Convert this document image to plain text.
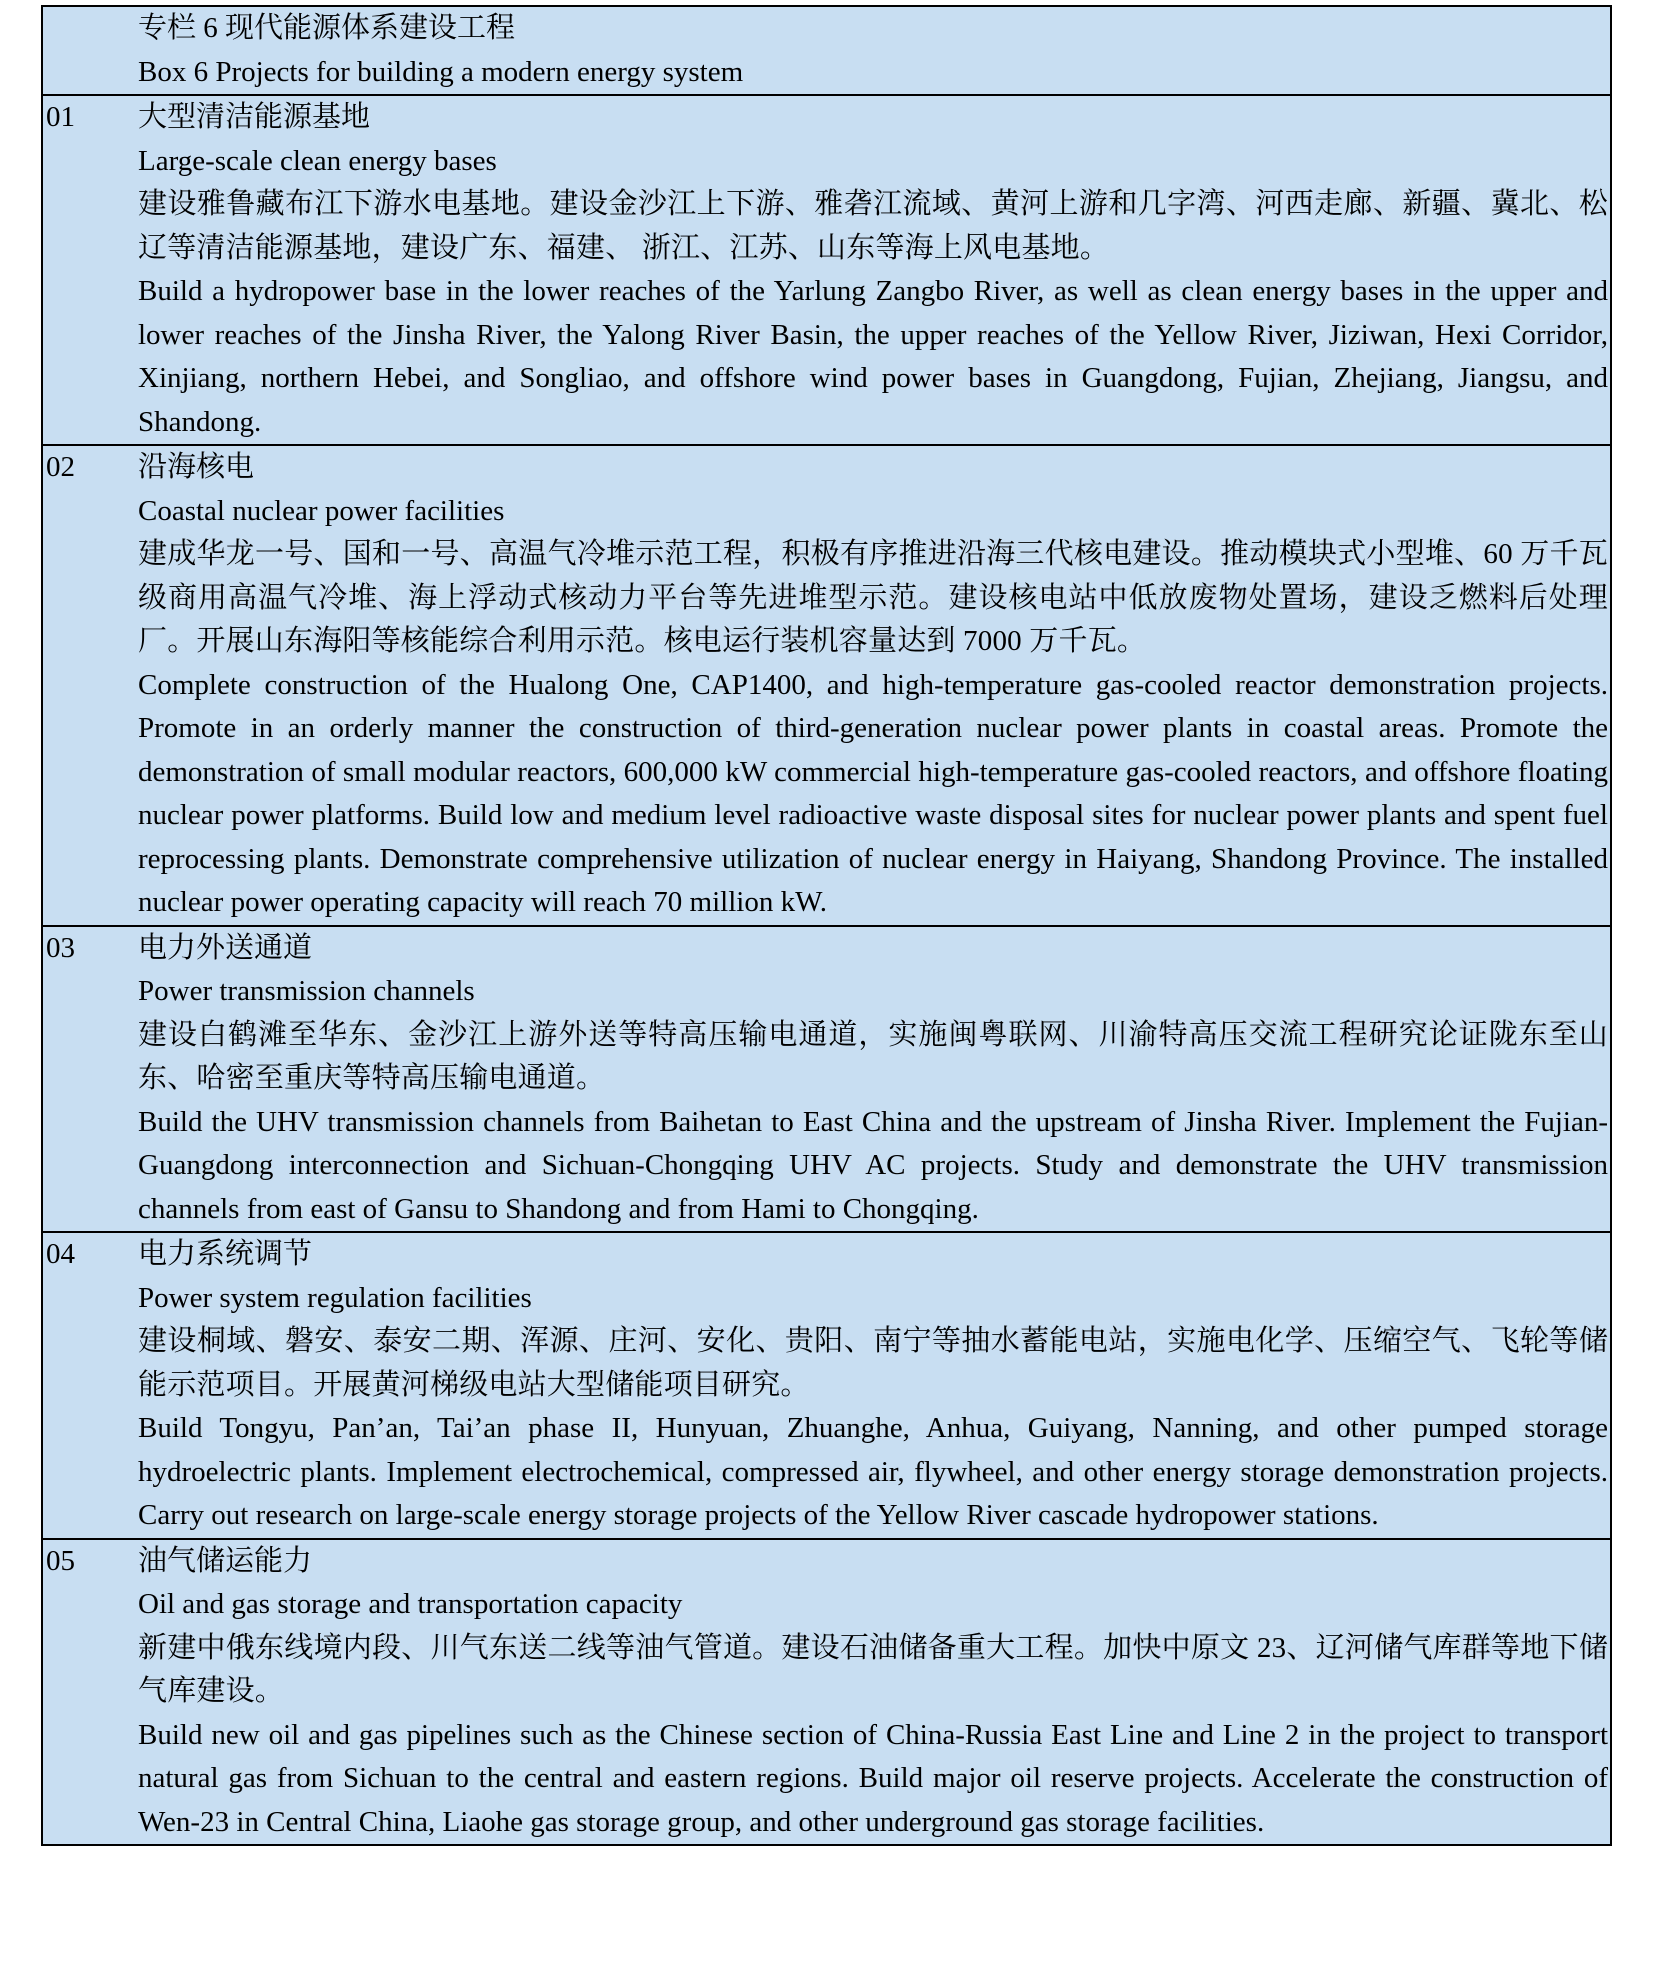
专栏 6 现代能源体系建设工程
Box 6 Projects for building a modern energy system
01	大型清洁能源基地
Large-scale clean energy bases

建设雅鲁藏布江下游水电基地。建设金沙江上下游、雅砻江流域、黄河上游和几字湾、河西走廊、新疆、冀北、松辽等清洁能源基地，建设广东、福建、 浙江、江苏、山东等海上风电基地。

Build a hydropower base in the lower reaches of the Yarlung Zangbo River, as well as clean energy bases in the upper and lower reaches of the Jinsha River, the Yalong River Basin, the upper reaches of the Yellow River, Jiziwan, Hexi Corridor, Xinjiang, northern Hebei, and Songliao, and offshore wind power bases in Guangdong, Fujian, Zhejiang, Jiangsu, and Shandong.

02	沿海核电
Coastal nuclear power facilities

建成华龙一号、国和一号、高温气冷堆示范工程，积极有序推进沿海三代核电建设。推动模块式小型堆、60 万千瓦级商用高温气冷堆、海上浮动式核动力平台等先进堆型示范。建设核电站中低放废物处置场，建设乏燃料后处理厂。开展山东海阳等核能综合利用示范。核电运行装机容量达到 7000 万千瓦。

Complete construction of the Hualong One, CAP1400, and high-temperature gas-cooled reactor demonstration projects. Promote in an orderly manner the construction of third-generation nuclear power plants in coastal areas. Promote the demonstration of small modular reactors, 600,000 kW commercial high-temperature gas-cooled reactors, and offshore floating nuclear power platforms. Build low and medium level radioactive waste disposal sites for nuclear power plants and spent fuel reprocessing plants. Demonstrate comprehensive utilization of nuclear energy in Haiyang, Shandong Province. The installed nuclear power operating capacity will reach 70 million kW.

03	电力外送通道
Power transmission channels

建设白鹤滩至华东、金沙江上游外送等特高压输电通道，实施闽粤联网、川渝特高压交流工程研究论证陇东至山东、哈密至重庆等特高压输电通道。

Build the UHV transmission channels from Baihetan to East China and the upstream of Jinsha River. Implement the Fujian-Guangdong interconnection and Sichuan-Chongqing UHV AC projects. Study and demonstrate the UHV transmission channels from east of Gansu to Shandong and from Hami to Chongqing.

04	电力系统调节
Power system regulation facilities

建设桐域、磐安、泰安二期、浑源、庄河、安化、贵阳、南宁等抽水蓄能电站，实施电化学、压缩空气、飞轮等储能示范项目。开展黄河梯级电站大型储能项目研究。

Build Tongyu, Pan’an, Tai’an phase II, Hunyuan, Zhuanghe, Anhua, Guiyang, Nanning, and other pumped storage hydroelectric plants. Implement electrochemical, compressed air, flywheel, and other energy storage demonstration projects. Carry out research on large-scale energy storage projects of the Yellow River cascade hydropower stations.

05	油气储运能力
Oil and gas storage and transportation capacity

新建中俄东线境内段、川气东送二线等油气管道。建设石油储备重大工程。加快中原文 23、辽河储气库群等地下储气库建设。

Build new oil and gas pipelines such as the Chinese section of China-Russia East Line and Line 2 in the project to transport natural gas from Sichuan to the central and eastern regions. Build major oil reserve projects. Accelerate the construction of Wen-23 in Central China, Liaohe gas storage group, and other underground gas storage facilities.
